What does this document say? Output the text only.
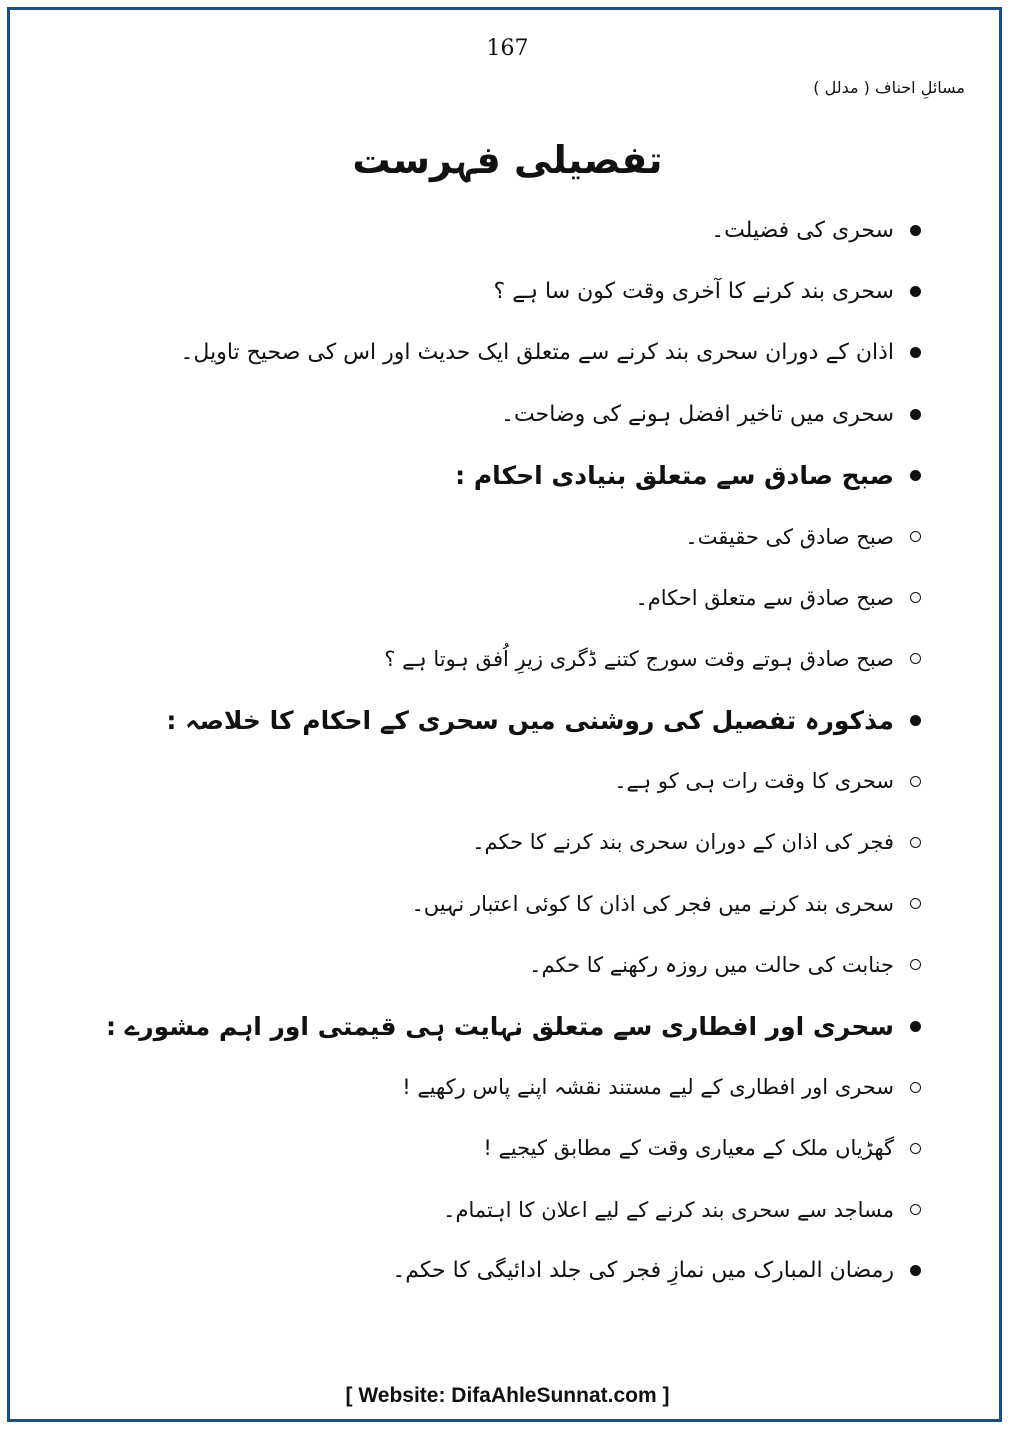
167
مسائلِ احناف ( مدلل )
تفصیلی فہرست
سحری کی فضیلت۔
سحری بند کرنے کا آخری وقت کون سا ہے ؟
اذان کے دوران سحری بند کرنے سے متعلق ایک حدیث اور اس کی صحیح تاویل۔
سحری میں تاخیر افضل ہونے کی وضاحت۔
صبح صادق سے متعلق بنیادی احکام :
صبح صادق کی حقیقت۔
صبح صادق سے متعلق احکام۔
صبح صادق ہوتے وقت سورج کتنے ڈگری زیرِ اُفق ہوتا ہے ؟
مذکورہ تفصیل کی روشنی میں سحری کے احکام کا خلاصہ :
سحری کا وقت رات ہی کو ہے۔
فجر کی اذان کے دوران سحری بند کرنے کا حکم۔
سحری بند کرنے میں فجر کی اذان کا کوئی اعتبار نہیں۔
جنابت کی حالت میں روزہ رکھنے کا حکم۔
سحری اور افطاری سے متعلق نہایت ہی قیمتی اور اہم مشورے :
سحری اور افطاری کے لیے مستند نقشہ اپنے پاس رکھیے !
گھڑیاں ملک کے معیاری وقت کے مطابق کیجیے !
مساجد سے سحری بند کرنے کے لیے اعلان کا اہتمام۔
رمضان المبارک میں نمازِ فجر کی جلد ادائیگی کا حکم۔
[ Website: DifaAhleSunnat.com ]
